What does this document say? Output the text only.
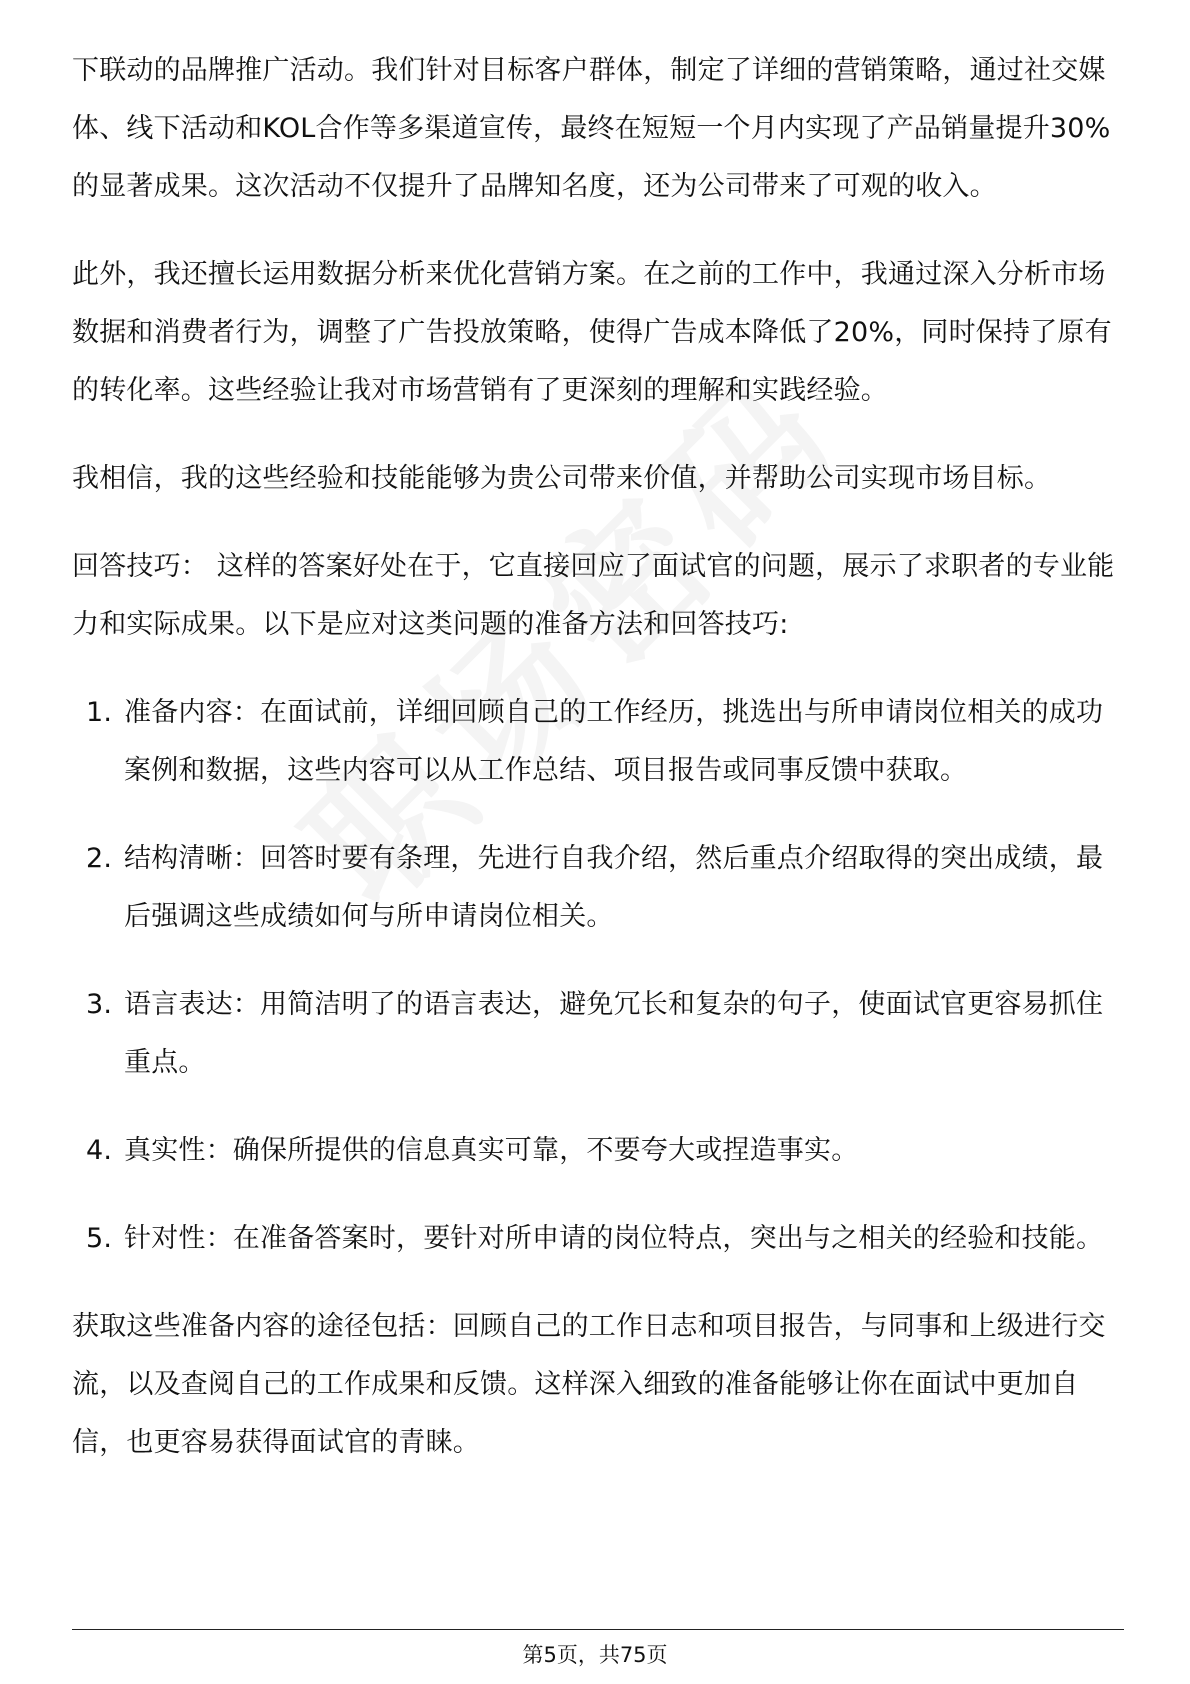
下联动的品牌推广活动。我们针对目标客户群体，制定了详细的营销策略，通过社交媒体、线下活动和KOL合作等多渠道宣传，最终在短短一个月内实现了产品销量提升30%的显著成果。这次活动不仅提升了品牌知名度，还为公司带来了可观的收入。

此外，我还擅长运用数据分析来优化营销方案。在之前的工作中，我通过深入分析市场数据和消费者行为，调整了广告投放策略，使得广告成本降低了20%，同时保持了原有的转化率。这些经验让我对市场营销有了更深刻的理解和实践经验。

我相信，我的这些经验和技能能够为贵公司带来价值，并帮助公司实现市场目标。

回答技巧： 这样的答案好处在于，它直接回应了面试官的问题，展示了求职者的专业能力和实际成果。以下是应对这类问题的准备方法和回答技巧:

1. 准备内容：在面试前，详细回顾自己的工作经历，挑选出与所申请岗位相关的成功案例和数据，这些内容可以从工作总结、项目报告或同事反馈中获取。
2. 结构清晰：回答时要有条理，先进行自我介绍，然后重点介绍取得的突出成绩，最后强调这些成绩如何与所申请岗位相关。
3. 语言表达：用简洁明了的语言表达，避免冗长和复杂的句子，使面试官更容易抓住重点。
4. 真实性：确保所提供的信息真实可靠，不要夸大或捏造事实。
5. 针对性：在准备答案时，要针对所申请的岗位特点，突出与之相关的经验和技能。

获取这些准备内容的途径包括：回顾自己的工作日志和项目报告，与同事和上级进行交流，以及查阅自己的工作成果和反馈。这样深入细致的准备能够让你在面试中更加自信，也更容易获得面试官的青睐。

第5页，共75页
